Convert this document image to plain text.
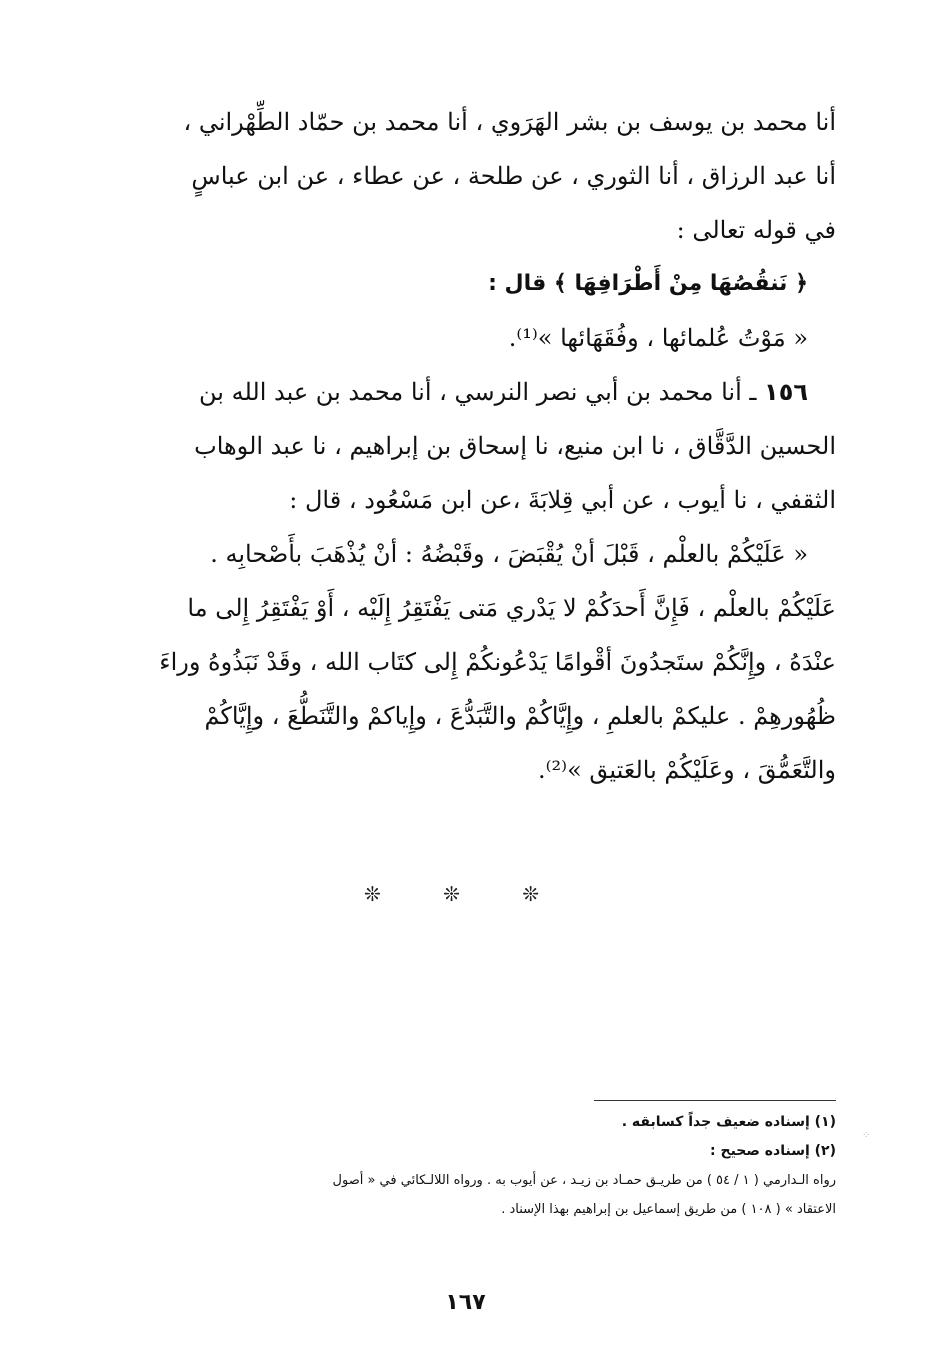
أنا محمد بن يوسف بن بشر الهَرَوي ، أنا محمد بن حمّاد الطِّهْراني ،
أنا عبد الرزاق ، أنا الثوري ، عن طلحة ، عن عطاء ، عن ابن عباسٍ
في قوله تعالى :
﴿ نَنقُصُهَا مِنْ أَطْرَافِهَا ﴾ قال :
« مَوْتُ عُلمائها ، وفُقَهَائها »⁽¹⁾.
١٥٦ ـ أنا محمد بن أبي نصر النرسي ، أنا محمد بن عبد الله بن
الحسين الدَّقَّاق ، نا ابن منيع، نا إسحاق بن إبراهيم ، نا عبد الوهاب
الثقفي ، نا أيوب ، عن أبي قِلابَةَ ،عن ابن مَسْعُود ، قال :
« عَلَيْكُمْ بالعلْم ، قَبْلَ أنْ يُقْبَضَ ، وقَبْضُهُ : أنْ يُذْهَبَ بأَصْحابِه .
عَلَيْكُمْ بالعلْم ، فَإِنَّ أَحدَكُمْ لا يَدْري مَتى يَفْتَقِرُ إِلَيْه ، أَوْ يَفْتَقِرُ إِلى ما
عنْدَهُ ، وإِنَّكُمْ ستَجدُونَ أقْوامًا يَدْعُونكُمْ إِلى كتَاب الله ، وقَدْ نَبَذُوهُ وراءَ
ظُهُورهِمْ . عليكمْ بالعلمِ ، وإِيَّاكُمْ والتَّبَدُّعَ ، وإِياكمْ والتَّنَطُّعَ ، وإِيَّاكُمْ
والتَّعَمُّقَ ، وعَلَيْكُمْ بالعَتيق »⁽²⁾.
❊ ❊ ❊
(١) إسناده ضعيف جداً كسابقه .
(٢) إسناده صحيح :
رواه الـدارمي ( ١ / ٥٤ ) من طريـق حمـاد بن زيـد ، عن أيوب به . ورواه اللالـكائي في « أصول
الاعتقاد » ( ١٠٨ ) من طريق إسماعيل بن إبراهيم بهذا الإسناد .
⁘
١٦٧
